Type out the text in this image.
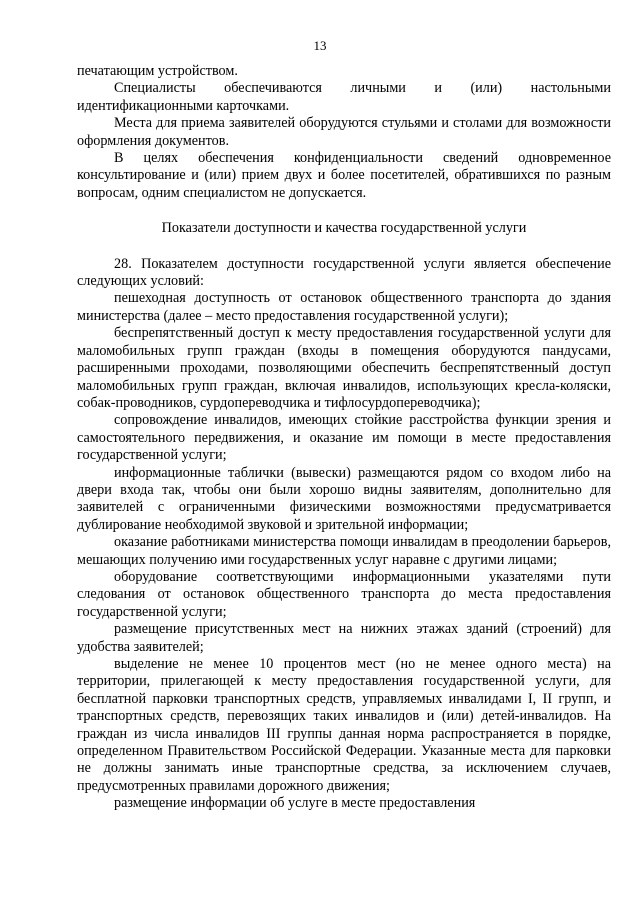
13

печатающим устройством.

Специалисты обеспечиваются личными и (или) настольными идентификационными карточками.

Места для приема заявителей оборудуются стульями и столами для возможности оформления документов.

В целях обеспечения конфиденциальности сведений одновременное консультирование и (или) прием двух и более посетителей, обратившихся по разным вопросам, одним специалистом не допускается.

Показатели доступности и качества государственной услуги

28. Показателем доступности государственной услуги является обеспечение следующих условий:

пешеходная доступность от остановок общественного транспорта до здания министерства (далее – место предоставления государственной услуги);

беспрепятственный доступ к месту предоставления государственной услуги для маломобильных групп граждан (входы в помещения оборудуются пандусами, расширенными проходами, позволяющими обеспечить беспрепятственный доступ маломобильных групп граждан, включая инвалидов, использующих кресла-коляски, собак-проводников, сурдопереводчика и тифлосурдопереводчика);

сопровождение инвалидов, имеющих стойкие расстройства функции зрения и самостоятельного передвижения, и оказание им помощи в месте предоставления государственной услуги;

информационные таблички (вывески) размещаются рядом со входом либо на двери входа так, чтобы они были хорошо видны заявителям, дополнительно для заявителей с ограниченными физическими возможностями предусматривается дублирование необходимой звуковой и зрительной информации;

оказание работниками министерства помощи инвалидам в преодолении барьеров, мешающих получению ими государственных услуг наравне с другими лицами;

оборудование соответствующими информационными указателями пути следования от остановок общественного транспорта до места предоставления государственной услуги;

размещение присутственных мест на нижних этажах зданий (строений) для удобства заявителей;

выделение не менее 10 процентов мест (но не менее одного места) на территории, прилегающей к месту предоставления государственной услуги, для бесплатной парковки транспортных средств, управляемых инвалидами I, II групп, и транспортных средств, перевозящих таких инвалидов и (или) детей-инвалидов. На граждан из числа инвалидов III группы данная норма распространяется в порядке, определенном Правительством Российской Федерации. Указанные места для парковки не должны занимать иные транспортные средства, за исключением случаев, предусмотренных правилами дорожного движения;

размещение информации об услуге в месте предоставления
